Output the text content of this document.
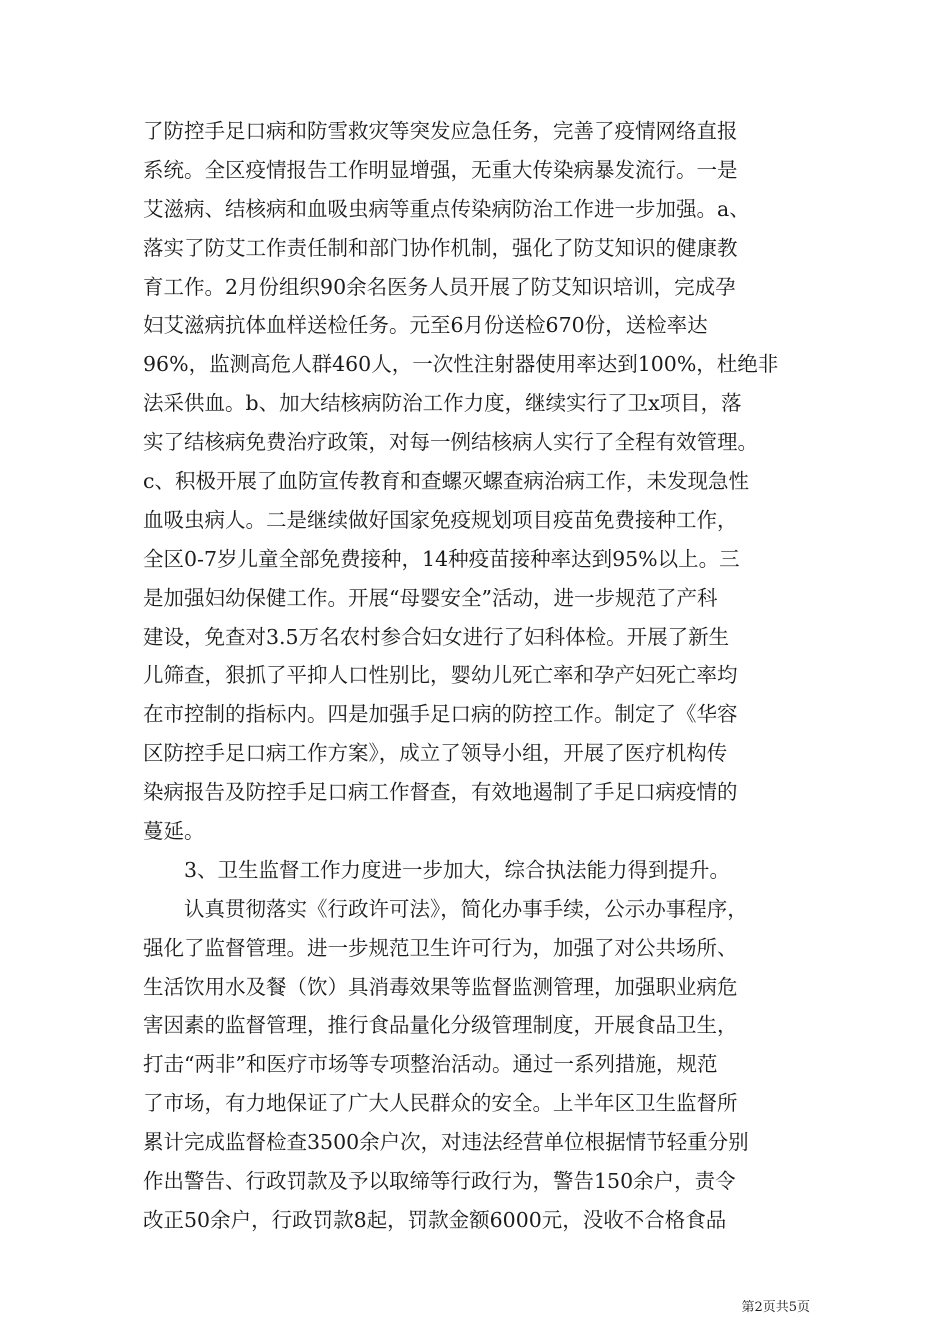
了防控手足口病和防雪救灾等突发应急任务，完善了疫情网络直报
系统。全区疫情报告工作明显增强，无重大传染病暴发流行。一是
艾滋病、结核病和血吸虫病等重点传染病防治工作进一步加强。a、
落实了防艾工作责任制和部门协作机制，强化了防艾知识的健康教
育工作。2月份组织90余名医务人员开展了防艾知识培训，完成孕
妇艾滋病抗体血样送检任务。元至6月份送检670份，送检率达
96%，监测高危人群460人，一次性注射器使用率达到100%，杜绝非
法采供血。b、加大结核病防治工作力度，继续实行了卫x项目，落
实了结核病免费治疗政策，对每一例结核病人实行了全程有效管理。
c、积极开展了血防宣传教育和查螺灭螺查病治病工作，未发现急性
血吸虫病人。二是继续做好国家免疫规划项目疫苗免费接种工作，
全区0-7岁儿童全部免费接种，14种疫苗接种率达到95%以上。三
是加强妇幼保健工作。开展“母婴安全”活动，进一步规范了产科
建设，免查对3.5万名农村参合妇女进行了妇科体检。开展了新生
儿筛查，狠抓了平抑人口性别比，婴幼儿死亡率和孕产妇死亡率均
在市控制的指标内。四是加强手足口病的防控工作。制定了《华容
区防控手足口病工作方案》，成立了领导小组，开展了医疗机构传
染病报告及防控手足口病工作督查，有效地遏制了手足口病疫情的
蔓延。
　　3、卫生监督工作力度进一步加大，综合执法能力得到提升。
　　认真贯彻落实《行政许可法》，简化办事手续，公示办事程序，
强化了监督管理。进一步规范卫生许可行为，加强了对公共场所、
生活饮用水及餐（饮）具消毒效果等监督监测管理，加强职业病危
害因素的监督管理，推行食品量化分级管理制度，开展食品卫生，
打击“两非”和医疗市场等专项整治活动。通过一系列措施，规范
了市场，有力地保证了广大人民群众的安全。上半年区卫生监督所
累计完成监督检查3500余户次，对违法经营单位根据情节轻重分别
作出警告、行政罚款及予以取缔等行政行为，警告150余户，责令
改正50余户，行政罚款8起，罚款金额6000元，没收不合格食品
第2页共5页
